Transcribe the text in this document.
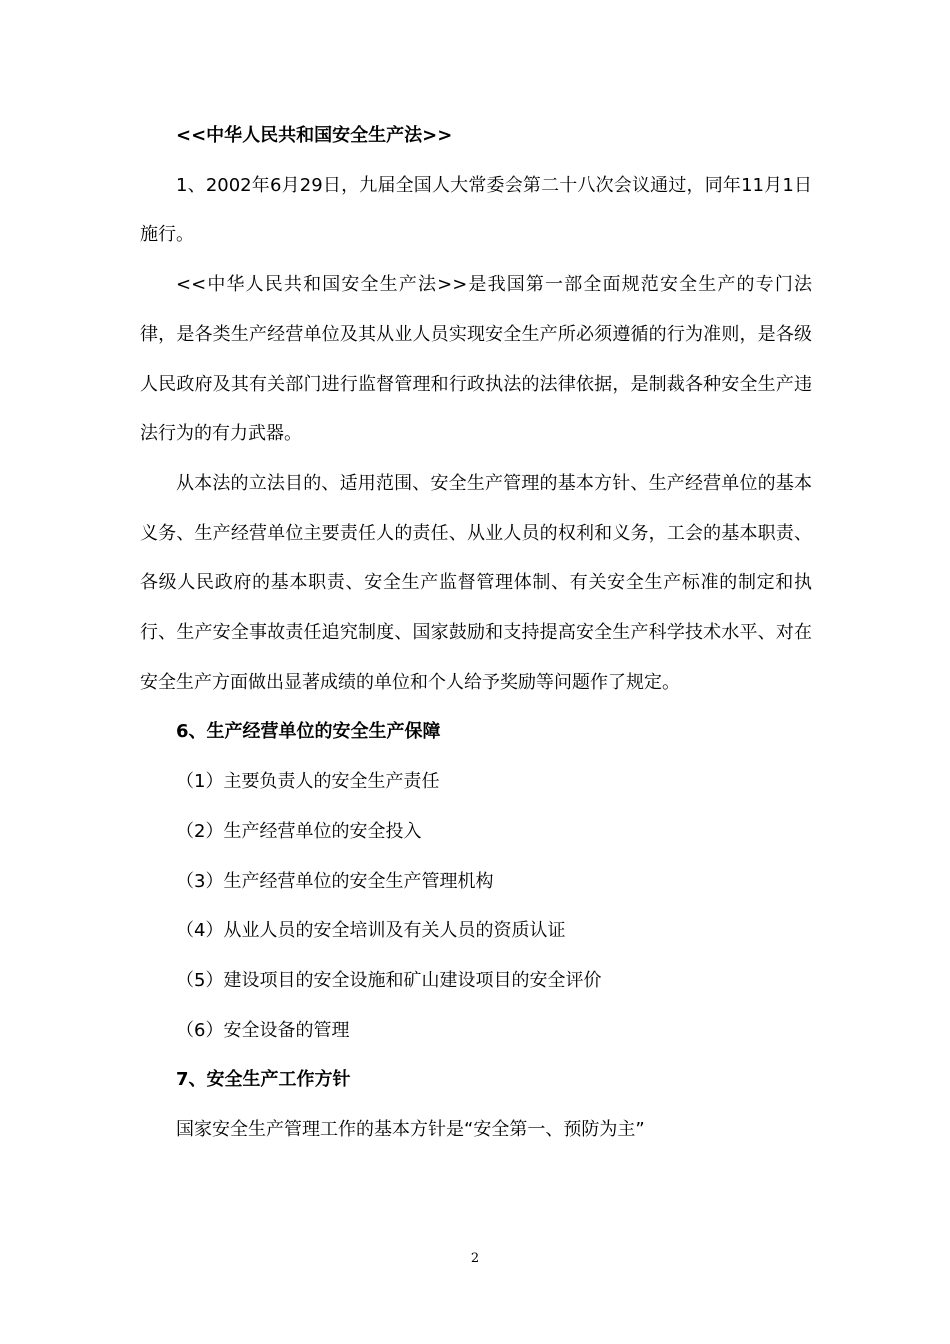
<<中华人民共和国安全生产法>>

1、2002年6月29日，九届全国人大常委会第二十八次会议通过，同年11月1日施行。

<<中华人民共和国安全生产法>>是我国第一部全面规范安全生产的专门法律，是各类生产经营单位及其从业人员实现安全生产所必须遵循的行为准则，是各级人民政府及其有关部门进行监督管理和行政执法的法律依据，是制裁各种安全生产违法行为的有力武器。

从本法的立法目的、适用范围、安全生产管理的基本方针、生产经营单位的基本义务、生产经营单位主要责任人的责任、从业人员的权利和义务，工会的基本职责、各级人民政府的基本职责、安全生产监督管理体制、有关安全生产标准的制定和执行、生产安全事故责任追究制度、国家鼓励和支持提高安全生产科学技术水平、对在安全生产方面做出显著成绩的单位和个人给予奖励等问题作了规定。

6、生产经营单位的安全生产保障

（1）主要负责人的安全生产责任

（2）生产经营单位的安全投入

（3）生产经营单位的安全生产管理机构

（4）从业人员的安全培训及有关人员的资质认证

（5）建设项目的安全设施和矿山建设项目的安全评价

（6）安全设备的管理

7、安全生产工作方针

国家安全生产管理工作的基本方针是“安全第一、预防为主”

2
